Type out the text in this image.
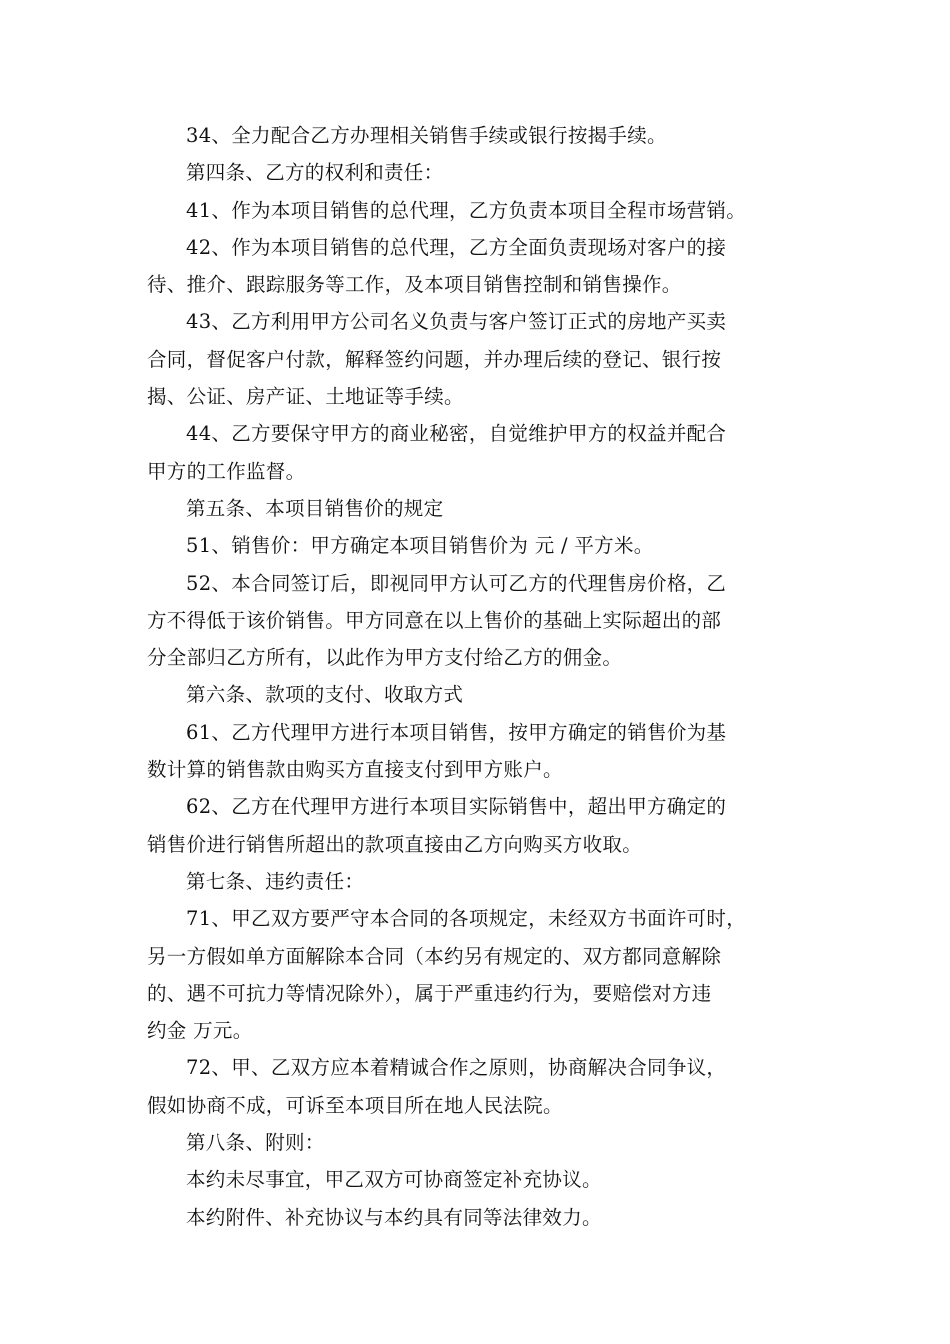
34、全力配合乙方办理相关销售手续或银行按揭手续。

第四条、乙方的权利和责任：

41、作为本项目销售的总代理，乙方负责本项目全程市场营销。

42、作为本项目销售的总代理，乙方全面负责现场对客户的接
待、推介、跟踪服务等工作，及本项目销售控制和销售操作。

43、乙方利用甲方公司名义负责与客户签订正式的房地产买卖
合同，督促客户付款，解释签约问题，并办理后续的登记、银行按
揭、公证、房产证、土地证等手续。

44、乙方要保守甲方的商业秘密，自觉维护甲方的权益并配合
甲方的工作监督。

第五条、本项目销售价的规定

51、销售价：甲方确定本项目销售价为 元 / 平方米。

52、本合同签订后，即视同甲方认可乙方的代理售房价格，乙
方不得低于该价销售。甲方同意在以上售价的基础上实际超出的部
分全部归乙方所有，以此作为甲方支付给乙方的佣金。

第六条、款项的支付、收取方式

61、乙方代理甲方进行本项目销售，按甲方确定的销售价为基
数计算的销售款由购买方直接支付到甲方账户。

62、乙方在代理甲方进行本项目实际销售中，超出甲方确定的
销售价进行销售所超出的款项直接由乙方向购买方收取。

第七条、违约责任：

71、甲乙双方要严守本合同的各项规定，未经双方书面许可时，
另一方假如单方面解除本合同（本约另有规定的、双方都同意解除
的、遇不可抗力等情况除外），属于严重违约行为，要赔偿对方违
约金 万元。

72、甲、乙双方应本着精诚合作之原则，协商解决合同争议，
假如协商不成，可诉至本项目所在地人民法院。

第八条、附则：

本约未尽事宜，甲乙双方可协商签定补充协议。

本约附件、补充协议与本约具有同等法律效力。
